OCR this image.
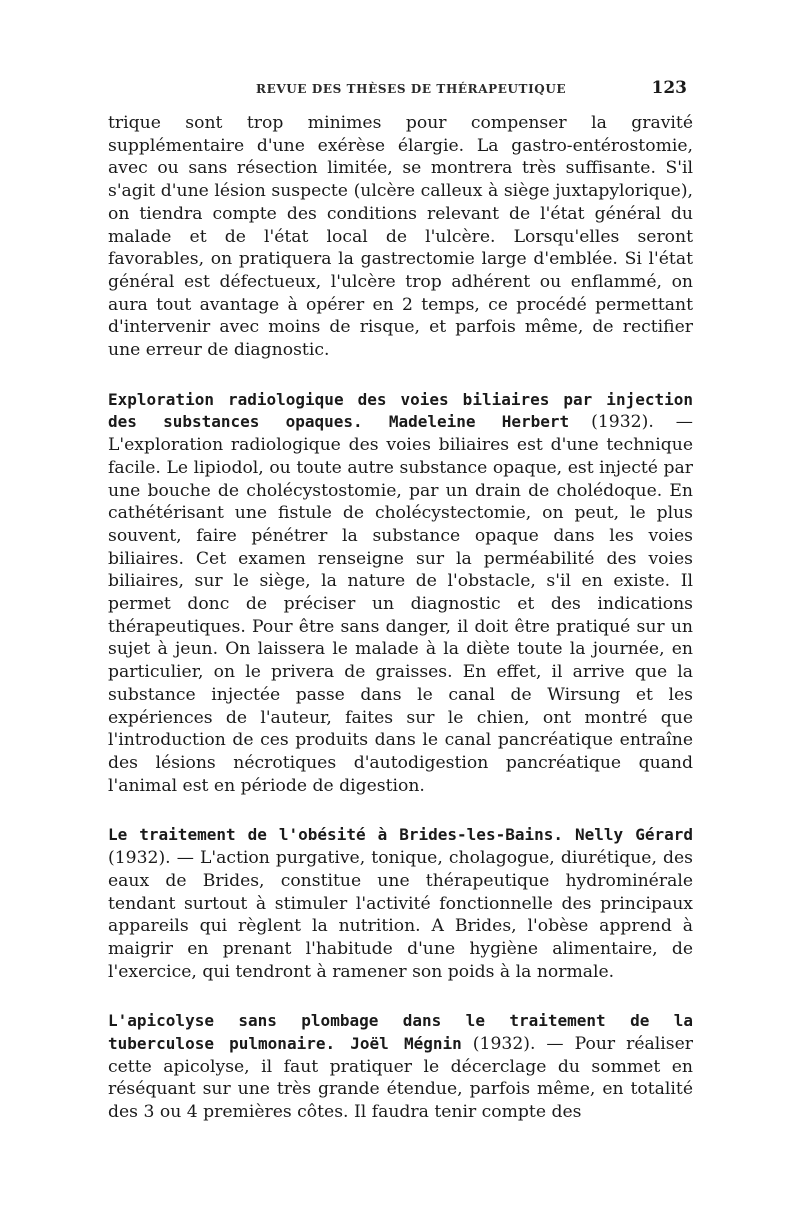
REVUE DES THÈSES DE THÉRAPEUTIQUE	123

trique sont trop minimes pour compenser la gravité supplémentaire d'une exérèse élargie. La gastro-entérostomie, avec ou sans résection limitée, se montrera très suffisante. S'il s'agit d'une lésion suspecte (ulcère calleux à siège juxtapylorique), on tiendra compte des conditions relevant de l'état général du malade et de l'état local de l'ulcère. Lorsqu'elles seront favorables, on pratiquera la gastrectomie large d'emblée. Si l'état général est défectueux, l'ulcère trop adhérent ou enflammé, on aura tout avantage à opérer en 2 temps, ce procédé permettant d'intervenir avec moins de risque, et parfois même, de rectifier une erreur de diagnostic.

Exploration radiologique des voies biliaires par injection des substances opaques. Madeleine Herbert (1932). — L'exploration radiologique des voies biliaires est d'une technique facile. Le lipiodol, ou toute autre substance opaque, est injecté par une bouche de cholécystostomie, par un drain de cholédoque. En cathétérisant une fistule de cholécystectomie, on peut, le plus souvent, faire pénétrer la substance opaque dans les voies biliaires. Cet examen renseigne sur la perméabilité des voies biliaires, sur le siège, la nature de l'obstacle, s'il en existe. Il permet donc de préciser un diagnostic et des indications thérapeutiques. Pour être sans danger, il doit être pratiqué sur un sujet à jeun. On laissera le malade à la diète toute la journée, en particulier, on le privera de graisses. En effet, il arrive que la substance injectée passe dans le canal de Wirsung et les expériences de l'auteur, faites sur le chien, ont montré que l'introduction de ces produits dans le canal pancréatique entraîne des lésions nécrotiques d'autodigestion pancréatique quand l'animal est en période de digestion.

Le traitement de l'obésité à Brides-les-Bains. Nelly Gérard (1932). — L'action purgative, tonique, cholagogue, diurétique, des eaux de Brides, constitue une thérapeutique hydrominérale tendant surtout à stimuler l'activité fonctionnelle des principaux appareils qui règlent la nutrition. A Brides, l'obèse apprend à maigrir en prenant l'habitude d'une hygiène alimentaire, de l'exercice, qui tendront à ramener son poids à la normale.

L'apicolyse sans plombage dans le traitement de la tuberculose pulmonaire. Joël Mégnin (1932). — Pour réaliser cette apicolyse, il faut pratiquer le décerclage du sommet en réséquant sur une très grande étendue, parfois même, en totalité des 3 ou 4 premières côtes. Il faudra tenir compte des
